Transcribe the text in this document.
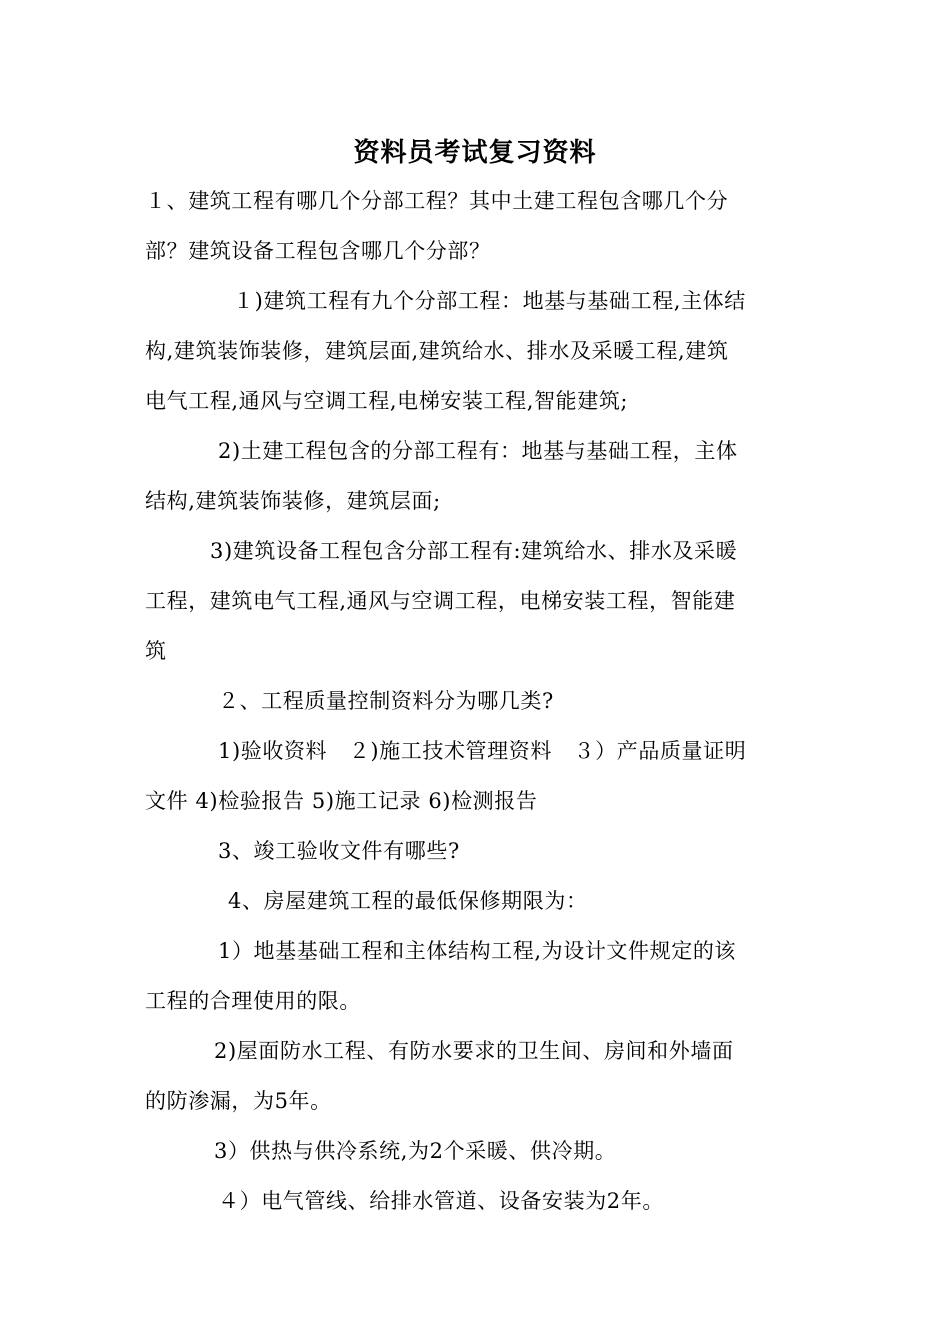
资料员考试复习资料
１、建筑工程有哪几个分部工程？其中土建工程包含哪几个分
部？建筑设备工程包含哪几个分部？
１)建筑工程有九个分部工程：地基与基础工程,主体结
构,建筑装饰装修，建筑层面,建筑给水、排水及采暖工程,建筑
电气工程,通风与空调工程,电梯安装工程,智能建筑;
2)土建工程包含的分部工程有：地基与基础工程，主体
结构,建筑装饰装修，建筑层面;
3)建筑设备工程包含分部工程有:建筑给水、排水及采暖
工程，建筑电气工程,通风与空调工程，电梯安装工程，智能建
筑
２、工程质量控制资料分为哪几类?
1)验收资料　２)施工技术管理资料　３）产品质量证明
文件 4)检验报告 5)施工记录 6)检测报告
3、竣工验收文件有哪些?
4、房屋建筑工程的最低保修期限为：
1）地基基础工程和主体结构工程,为设计文件规定的该
工程的合理使用的限。
2)屋面防水工程、有防水要求的卫生间、房间和外墙面
的防渗漏，为5年。
3）供热与供冷系统,为2个采暖、供冷期。
４）电气管线、给排水管道、设备安装为2年。
